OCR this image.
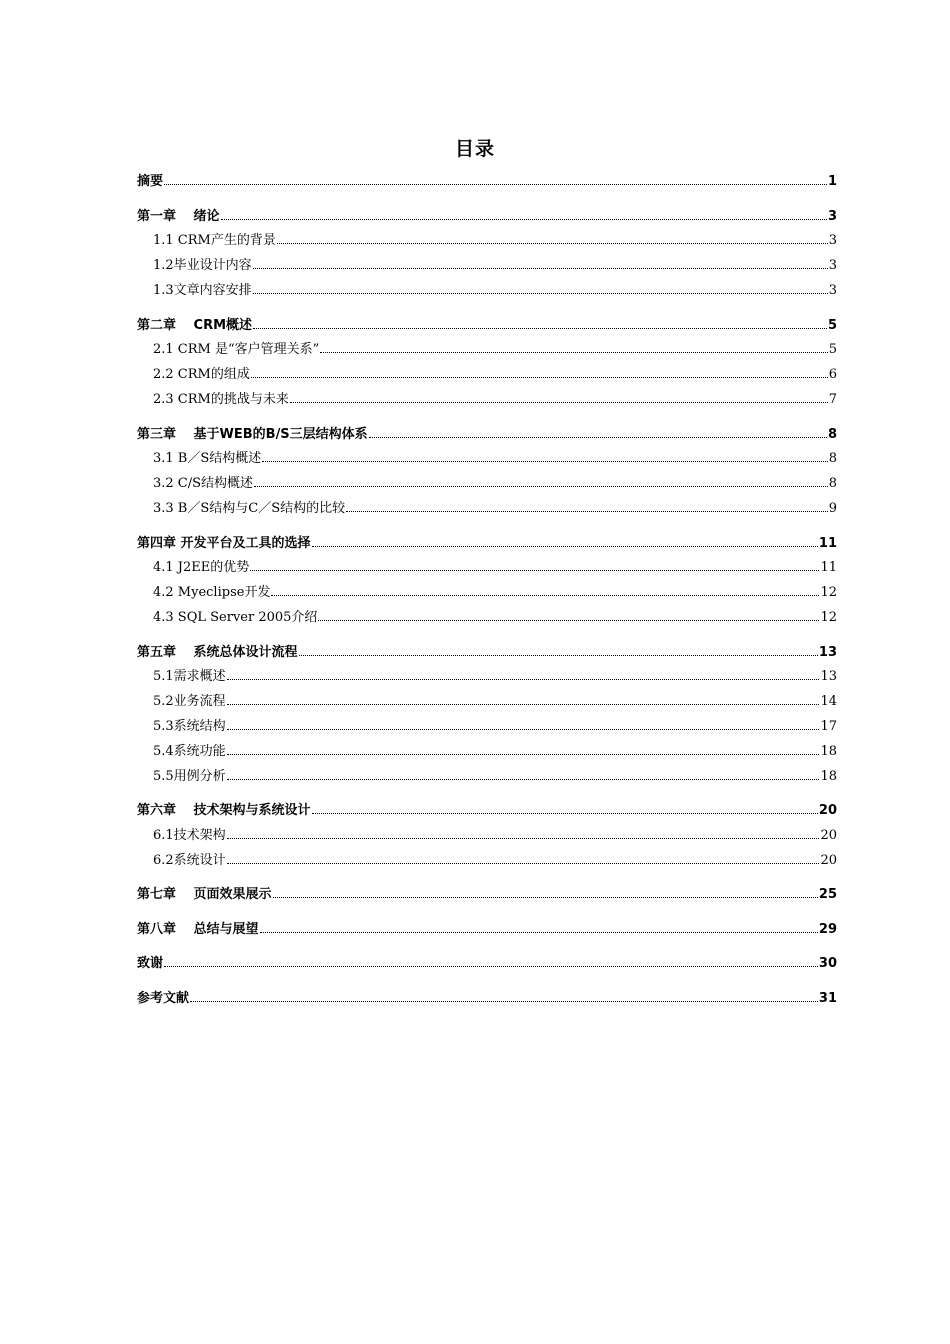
目录
摘要	1
第一章　 绪论	3
1.1 CRM产生的背景	3
1.2毕业设计内容	3
1.3文章内容安排	3
第二章　 CRM概述	5
2.1 CRM 是“客户管理关系”	5
2.2 CRM的组成	6
2.3 CRM的挑战与未来	7
第三章　 基于WEB的B/S三层结构体系	8
3.1 B／S结构概述	8
3.2 C/S结构概述	8
3.3 B／S结构与C／S结构的比较	9
第四章 开发平台及工具的选择	11
4.1 J2EE的优势	11
4.2 Myeclipse开发	12
4.3 SQL Server 2005介绍	12
第五章　 系统总体设计流程	13
5.1需求概述	13
5.2业务流程	14
5.3系统结构	17
5.4系统功能	18
5.5用例分析	18
第六章　 技术架构与系统设计	20
6.1技术架构	20
6.2系统设计	20
第七章　 页面效果展示	25
第八章　 总结与展望	29
致谢	30
参考文献	31
